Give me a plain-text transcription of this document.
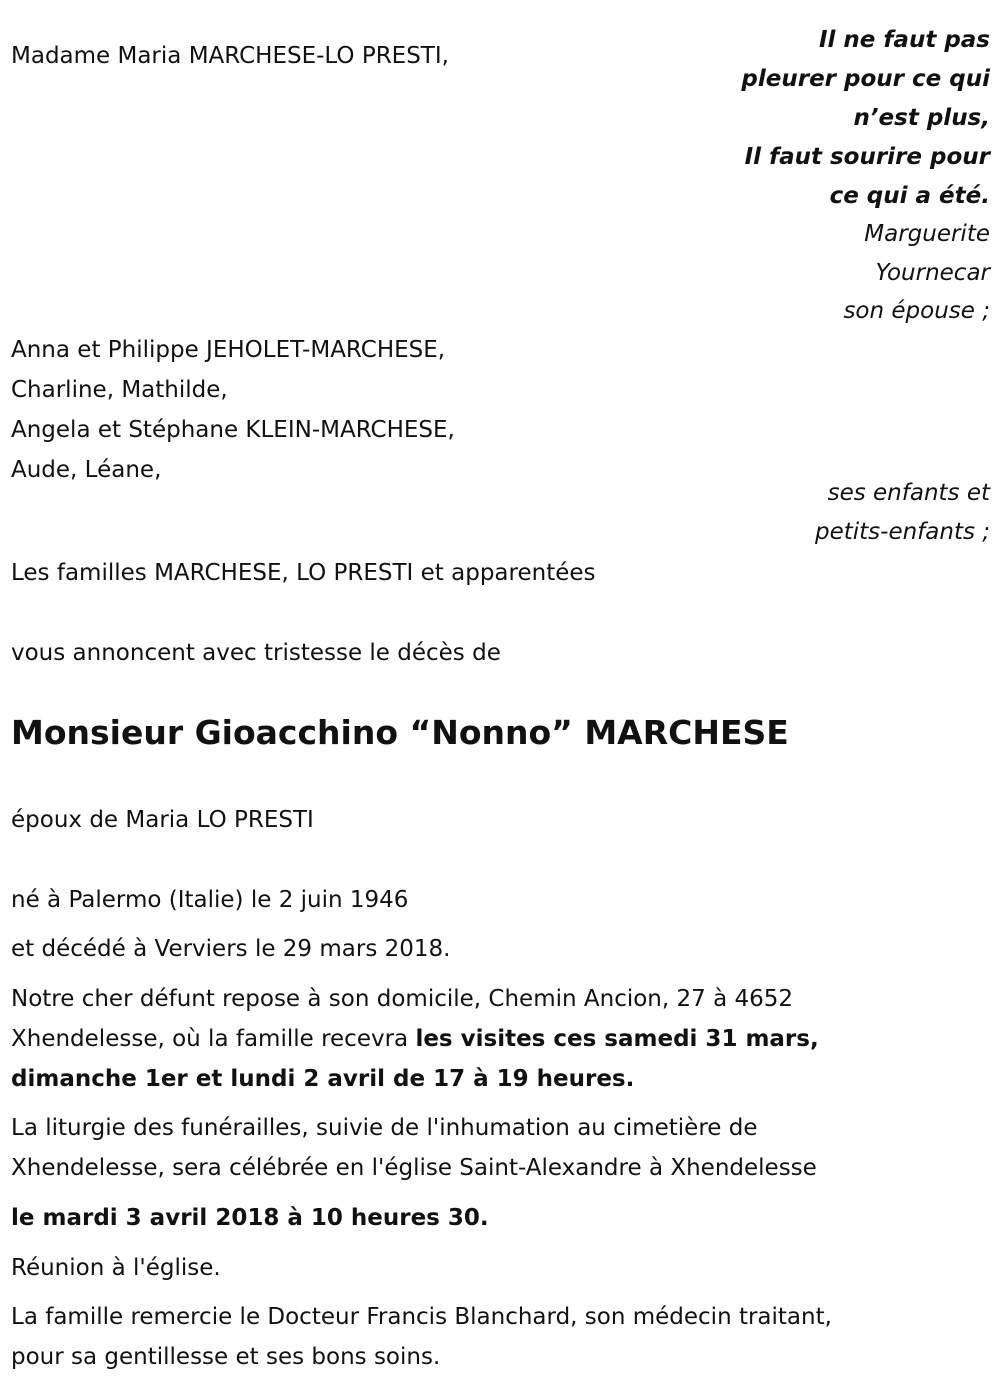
Madame Maria MARCHESE-LO PRESTI,
Il ne faut pas
pleurer pour ce qui
n’est plus,
Il faut sourire pour
ce qui a été.
Marguerite
Yournecar
son épouse ;
Anna et Philippe JEHOLET-MARCHESE,
Charline, Mathilde,
Angela et Stéphane KLEIN-MARCHESE,
Aude, Léane,
ses enfants et
petits-enfants ;
Les familles MARCHESE, LO PRESTI et apparentées
vous annoncent avec tristesse le décès de
Monsieur Gioacchino “Nonno” MARCHESE
époux de Maria LO PRESTI
né à Palermo (Italie) le 2 juin 1946
et décédé à Verviers le 29 mars 2018.
Notre cher défunt repose à son domicile, Chemin Ancion, 27 à 4652
Xhendelesse, où la famille recevra les visites ces samedi 31 mars,
dimanche 1er et lundi 2 avril de 17 à 19 heures.
La liturgie des funérailles, suivie de l'inhumation au cimetière de
Xhendelesse, sera célébrée en l'église Saint-Alexandre à Xhendelesse
le mardi 3 avril 2018 à 10 heures 30.
Réunion à l'église.
La famille remercie le Docteur Francis Blanchard, son médecin traitant,
pour sa gentillesse et ses bons soins.
